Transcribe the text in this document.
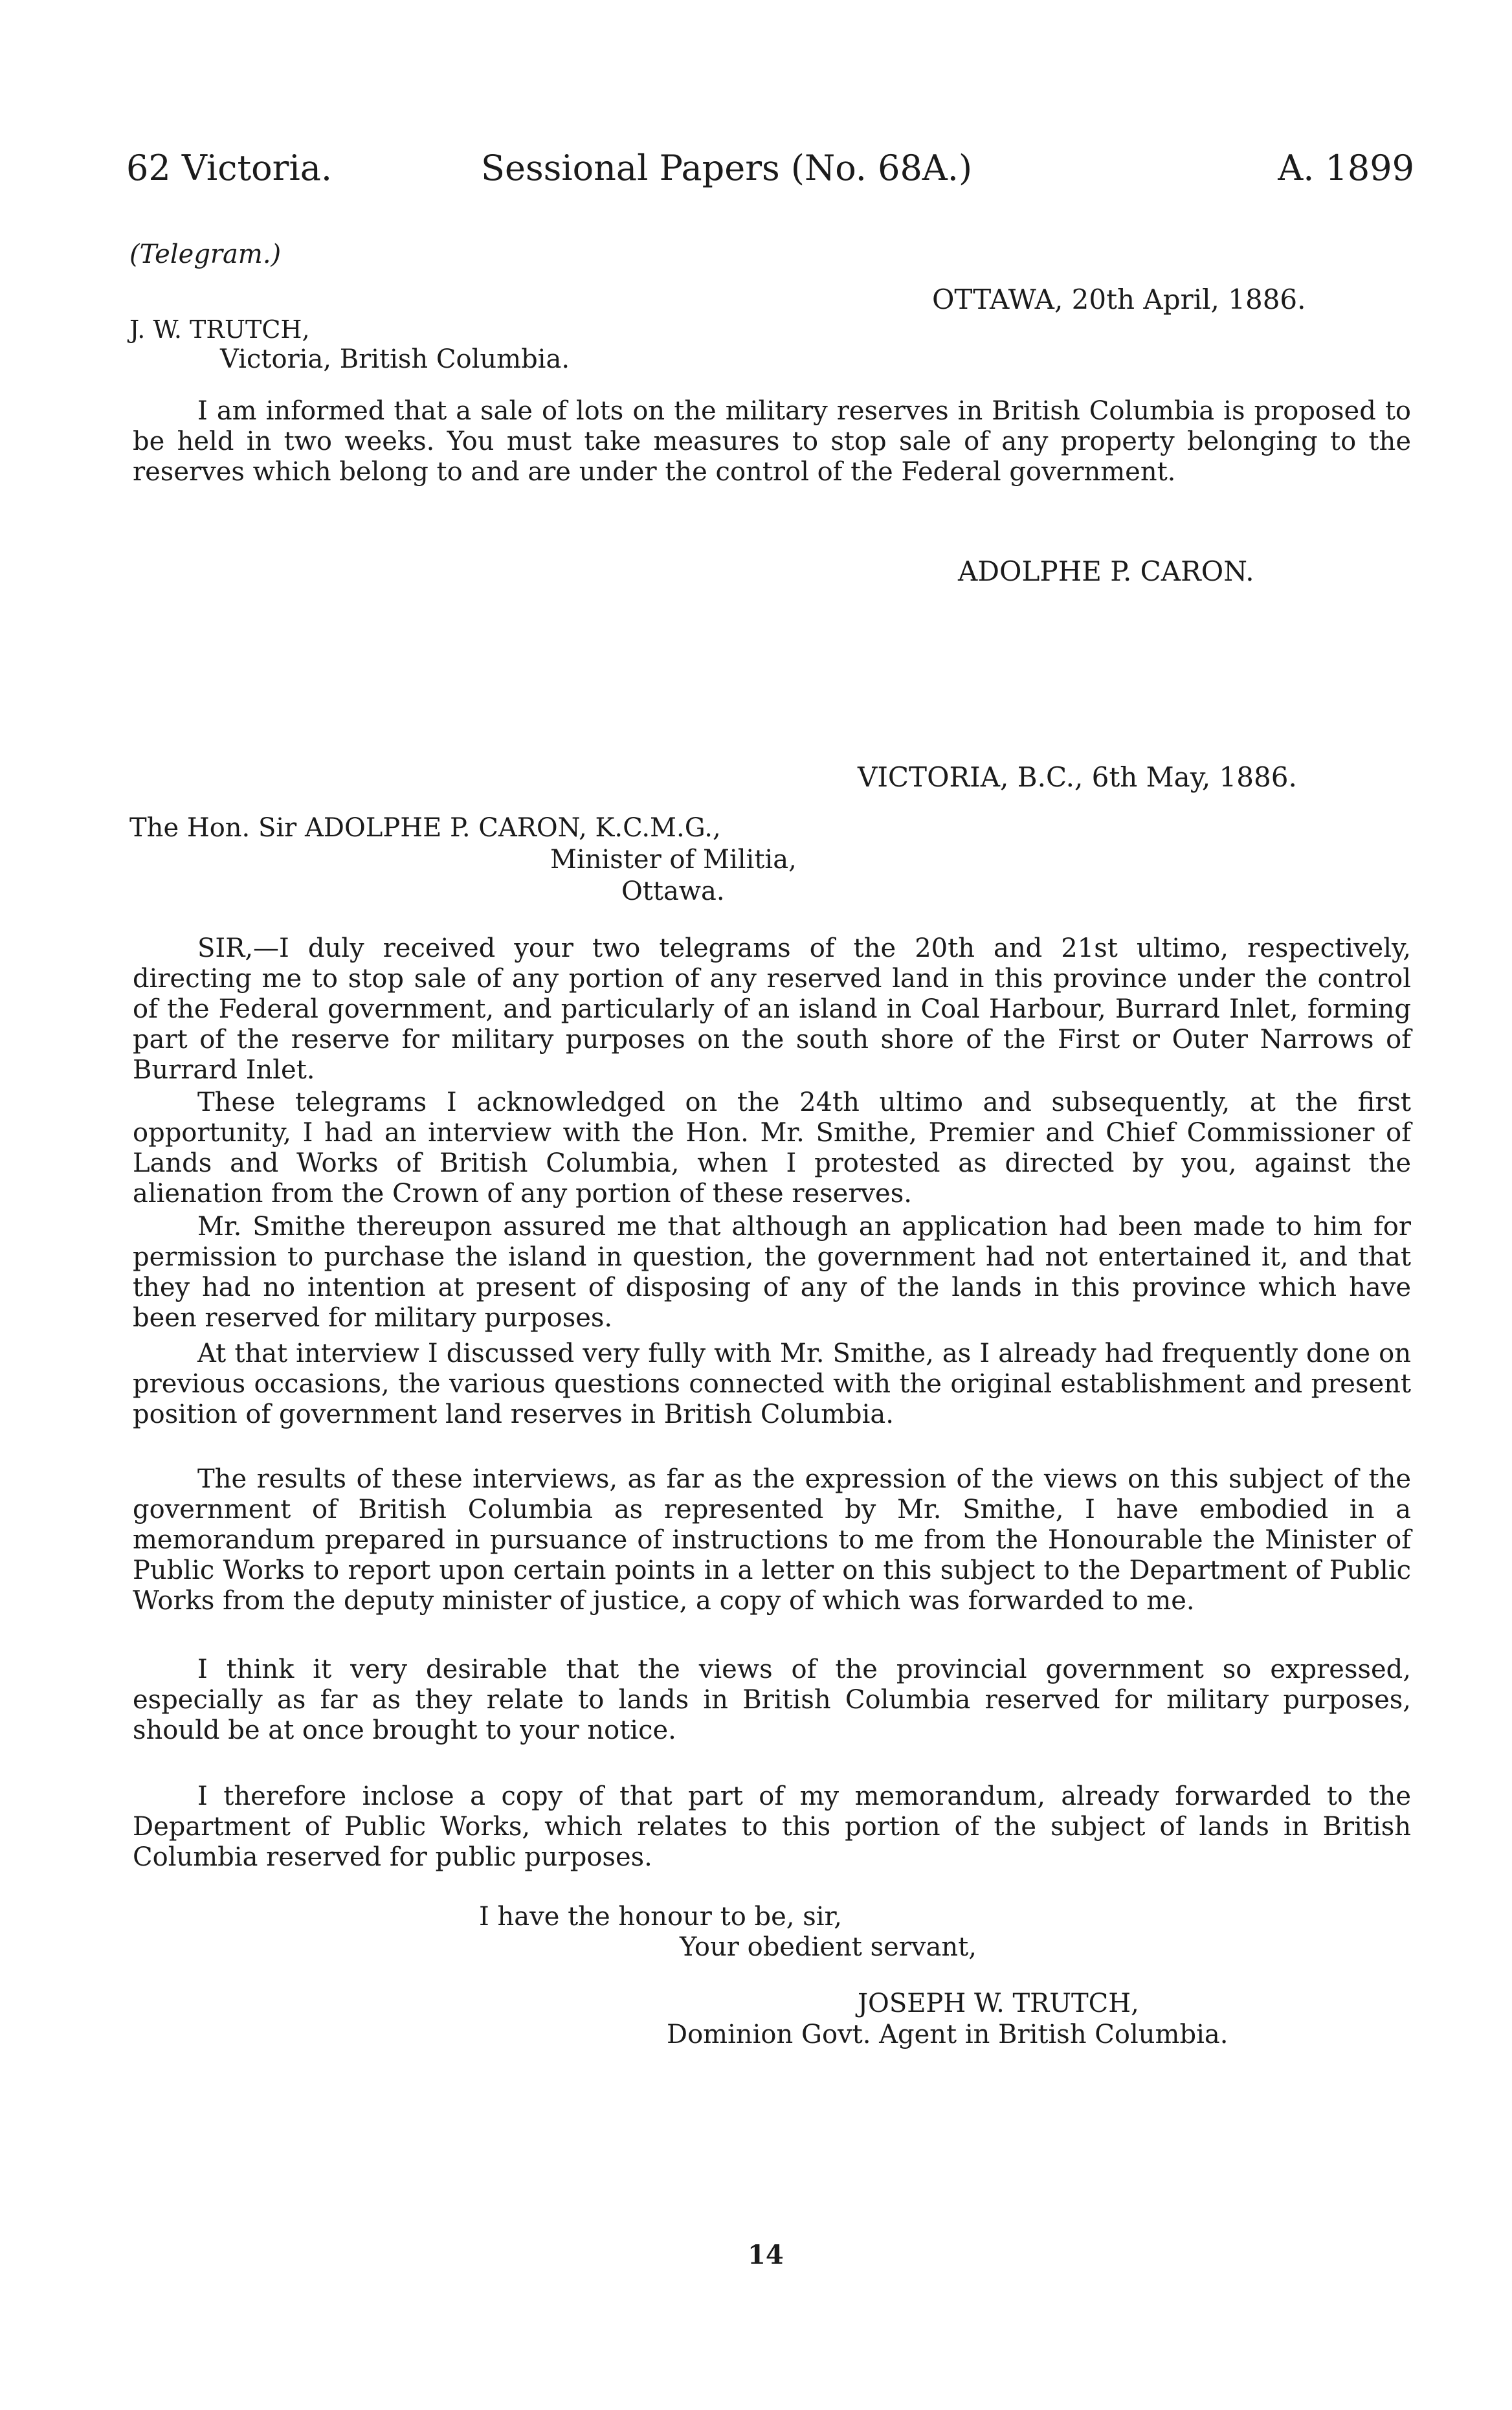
62 Victoria.	Sessional Papers (No. 68A.)	A. 1899
(Telegram.)
OTTAWA, 20th April, 1886.
J. W. TRUTCH,
Victoria, British Columbia.

I am informed that a sale of lots on the military reserves in British Columbia is proposed to be held in two weeks. You must take measures to stop sale of any property belonging to the reserves which belong to and are under the control of the Federal government.

ADOLPHE P. CARON.
VICTORIA, B.C., 6th May, 1886.
The Hon. Sir ADOLPHE P. CARON, K.C.M.G.,
Minister of Militia,
Ottawa.

SIR,—I duly received your two telegrams of the 20th and 21st ultimo, respectively, directing me to stop sale of any portion of any reserved land in this province under the control of the Federal government, and particularly of an island in Coal Harbour, Burrard Inlet, forming part of the reserve for military purposes on the south shore of the First or Outer Narrows of Burrard Inlet.

These telegrams I acknowledged on the 24th ultimo and subsequently, at the first opportunity, I had an interview with the Hon. Mr. Smithe, Premier and Chief Commissioner of Lands and Works of British Columbia, when I protested as directed by you, against the alienation from the Crown of any portion of these reserves.

Mr. Smithe thereupon assured me that although an application had been made to him for permission to purchase the island in question, the government had not entertained it, and that they had no intention at present of disposing of any of the lands in this province which have been reserved for military purposes.

At that interview I discussed very fully with Mr. Smithe, as I already had frequently done on previous occasions, the various questions connected with the original establishment and present position of government land reserves in British Columbia.

The results of these interviews, as far as the expression of the views on this subject of the government of British Columbia as represented by Mr. Smithe, I have embodied in a memorandum prepared in pursuance of instructions to me from the Honourable the Minister of Public Works to report upon certain points in a letter on this subject to the Department of Public Works from the deputy minister of justice, a copy of which was forwarded to me.

I think it very desirable that the views of the provincial government so expressed, especially as far as they relate to lands in British Columbia reserved for military purposes, should be at once brought to your notice.

I therefore inclose a copy of that part of my memorandum, already forwarded to the Department of Public Works, which relates to this portion of the subject of lands in British Columbia reserved for public purposes.

I have the honour to be, sir,
Your obedient servant,
JOSEPH W. TRUTCH,
Dominion Govt. Agent in British Columbia.
14
